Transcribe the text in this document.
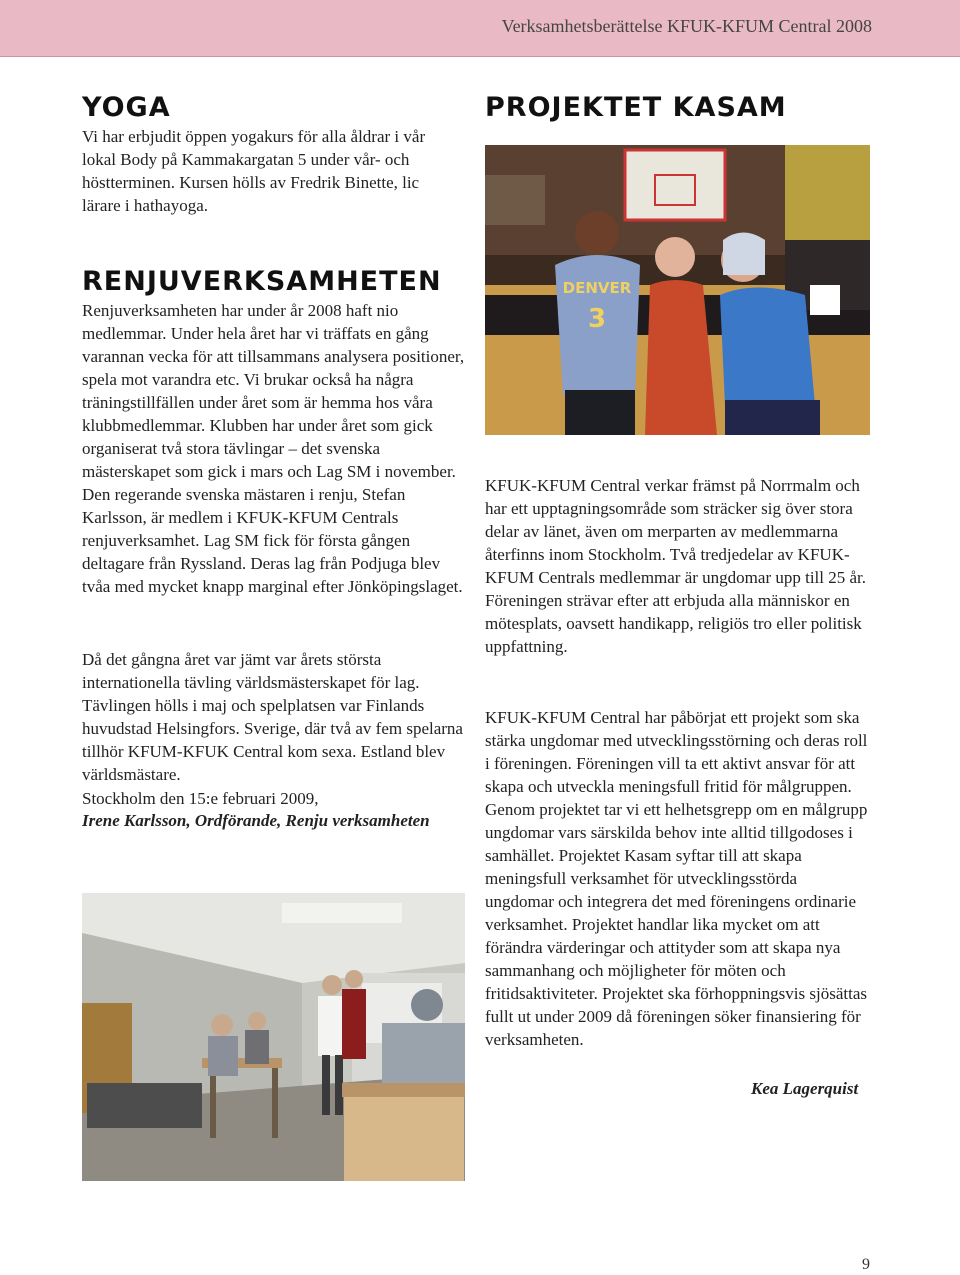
Verksamhetsberättelse KFUK-KFUM Central 2008
YOGA

Vi har erbjudit öppen yogakurs för alla åldrar i vår lokal Body på Kammakargatan 5 under vår- och höstterminen. Kursen hölls av Fredrik Binette, lic lärare i hathayoga.

RENJUVERKSAMHETEN

Renjuverksamheten har under år 2008 haft nio medlemmar. Under hela året har vi träffats en gång varannan vecka för att tillsammans analysera positioner, spela mot varandra etc. Vi brukar också ha några träningstillfällen under året som är hemma hos våra klubbmedlemmar. Klubben har under året som gick organiserat två stora tävlingar – det svenska mästerskapet som gick i mars och Lag SM i november. Den regerande svenska mästaren i renju, Stefan Karlsson, är medlem i KFUK-KFUM Centrals renjuverksamhet. Lag SM fick för första gången deltagare från Ryssland. Deras lag från Podjuga blev tvåa med mycket knapp marginal efter Jönköpingslaget.

Då det gångna året var jämt var årets största internationella tävling världsmästerskapet för lag. Tävlingen hölls i maj och spelplatsen var Finlands huvudstad Helsingfors. Sverige, där två av fem spelarna tillhör KFUM-KFUK Central kom sexa. Estland blev världsmästare.

Stockholm den 15:e februari 2009,

Irene Karlsson, Ordförande, Renju verksamheten

PROJEKTET KASAM
DENVER
3

KFUK-KFUM Central verkar främst på Norrmalm och har ett upptagningsområde som sträcker sig över stora delar av länet, även om merparten av medlemmarna återfinns inom Stockholm. Två tredjedelar av KFUK-KFUM Centrals medlemmar är ungdomar upp till 25 år. Föreningen strävar efter att erbjuda alla människor en mötesplats, oavsett handikapp, religiös tro eller politisk uppfattning.

KFUK-KFUM Central har påbörjat ett projekt som ska stärka ungdomar med utvecklingsstörning och deras roll i föreningen. Föreningen vill ta ett aktivt ansvar för att skapa och utveckla meningsfull fritid för målgruppen. Genom projektet tar vi ett helhetsgrepp om en målgrupp ungdomar vars särskilda behov inte alltid tillgodoses i samhället. Projektet Kasam syftar till att skapa meningsfull verksamhet för utvecklingsstörda ungdomar och integrera det med föreningens ordinarie verksamhet. Projektet handlar lika mycket om att förändra värderingar och attityder som att skapa nya sammanhang och möjligheter för möten och fritidsaktiviteter. Projektet ska förhoppningsvis sjösättas fullt ut under 2009 då föreningen söker finansiering för verksamheten.

Kea Lagerquist

9
